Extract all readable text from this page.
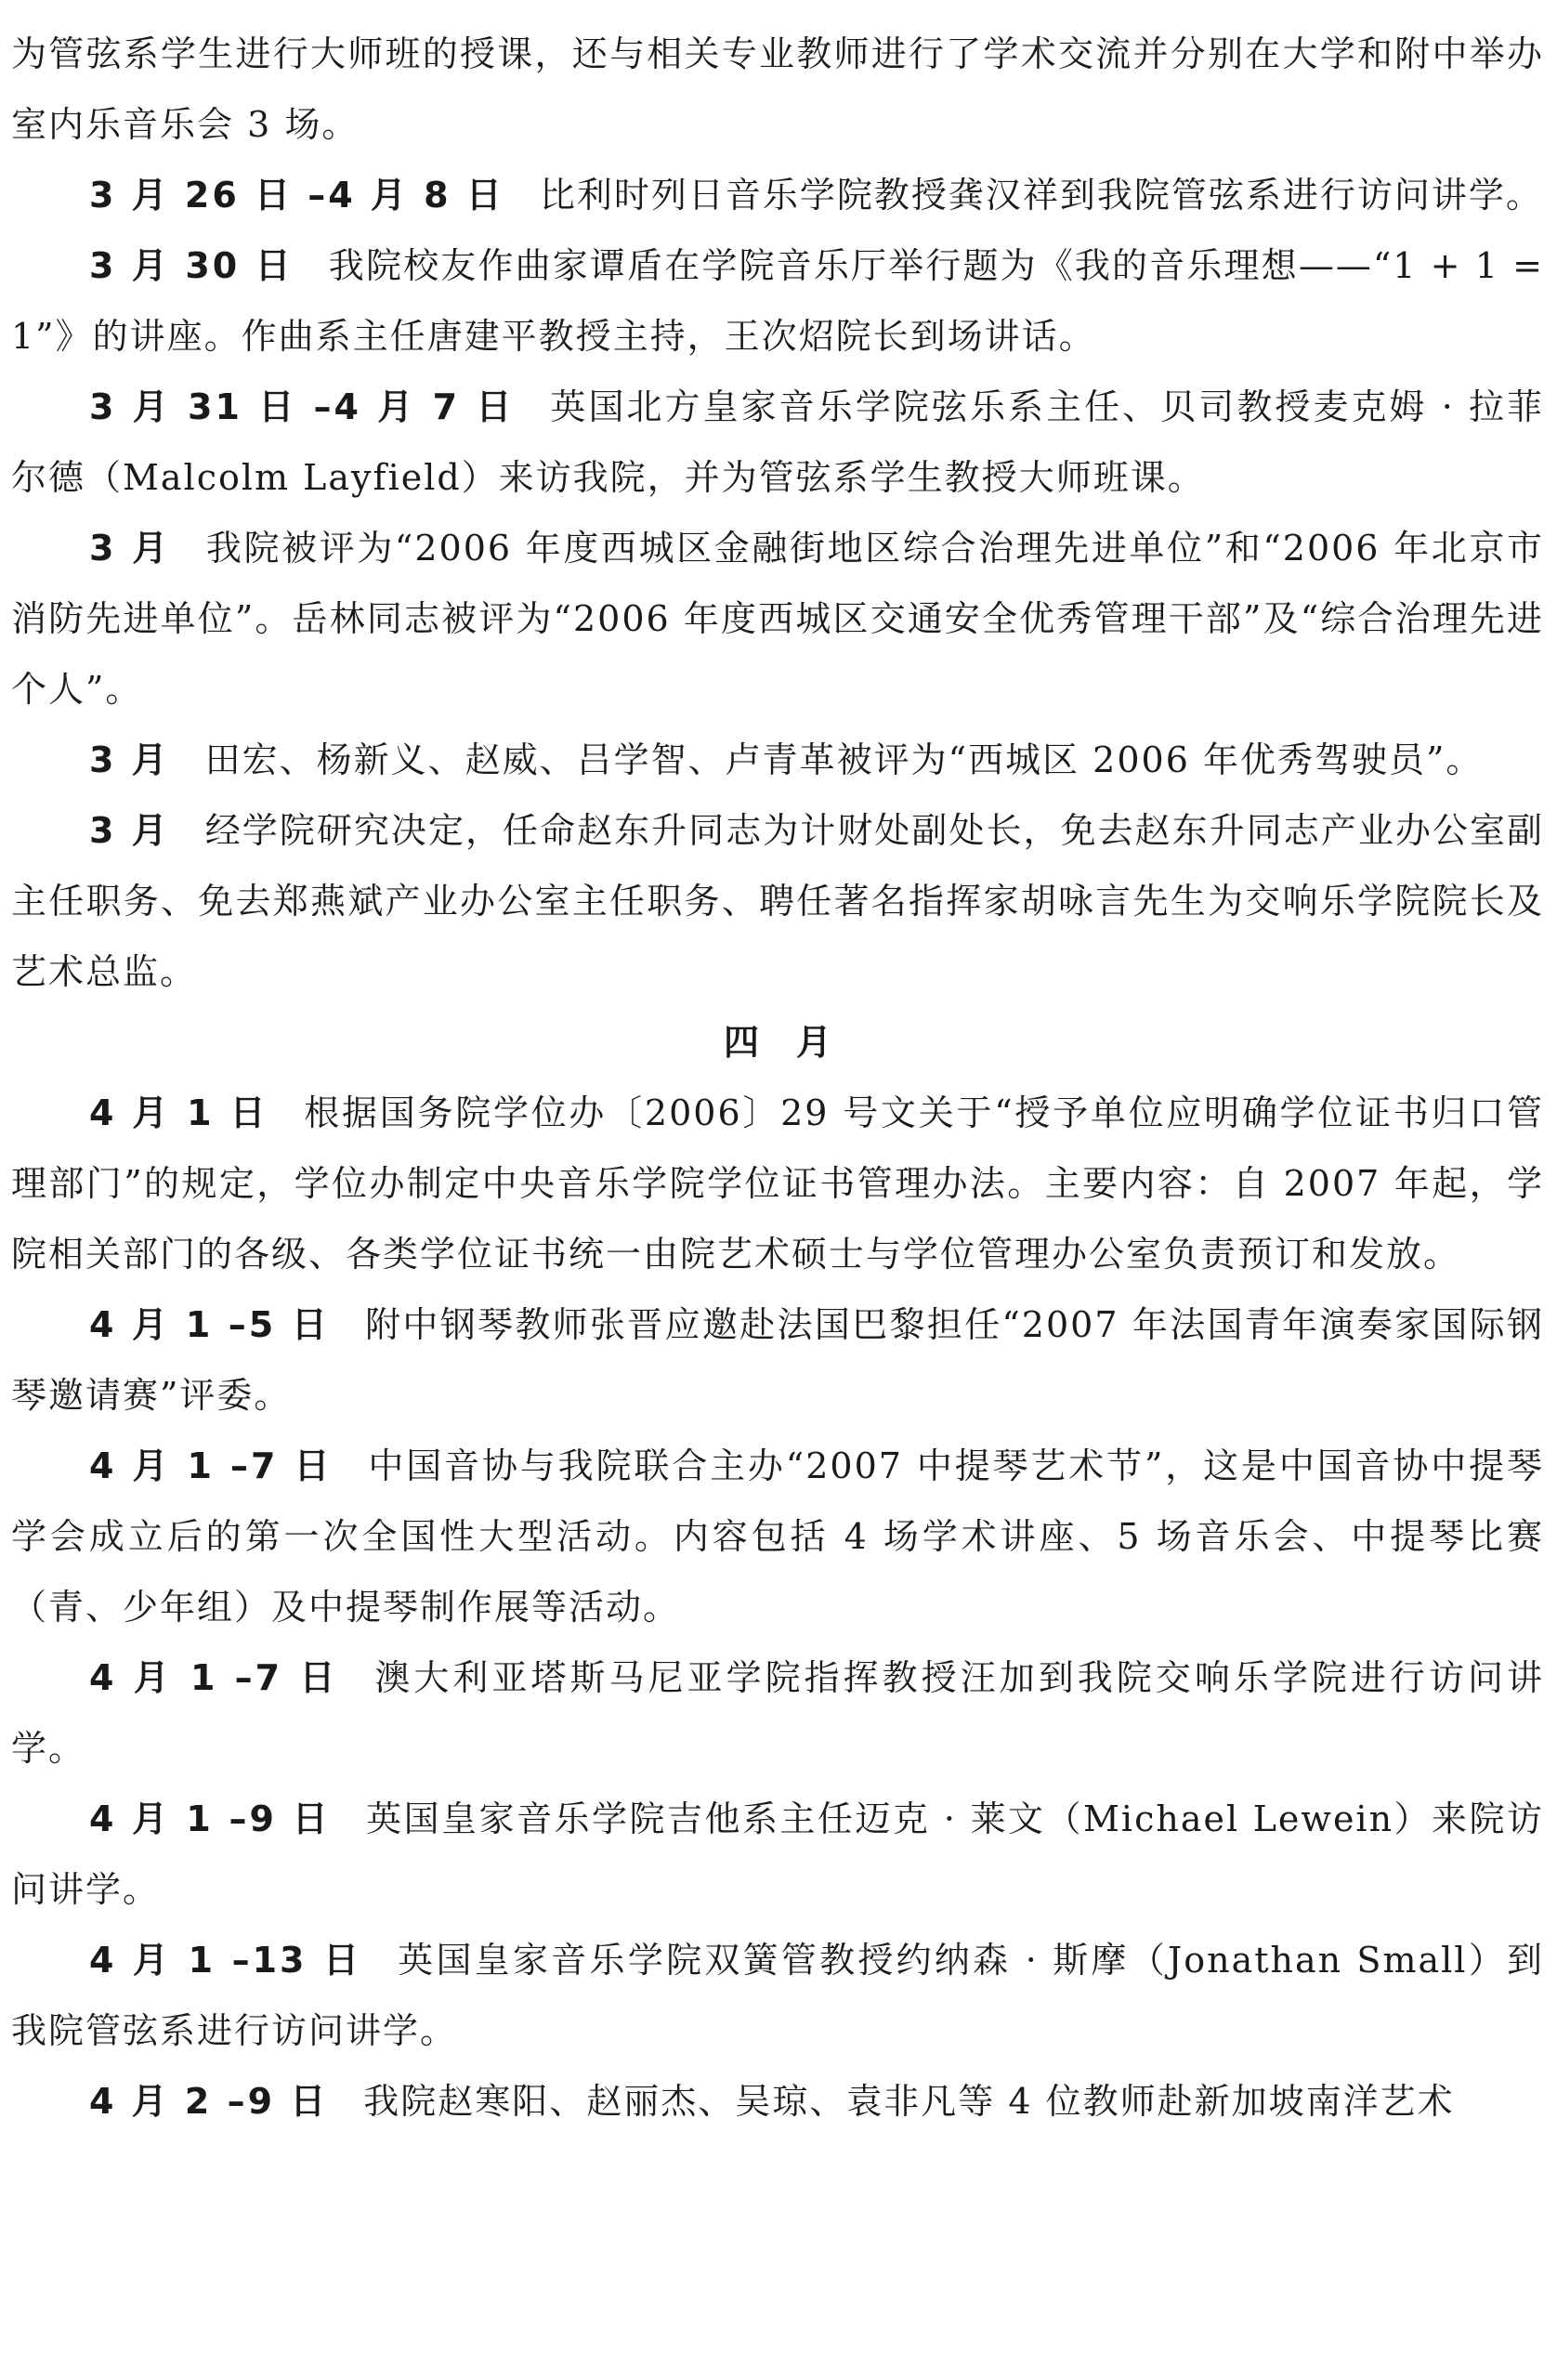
为管弦系学生进行大师班的授课，还与相关专业教师进行了学术交流并分别在大学和附中举办室内乐音乐会 3 场。

3 月 26 日 –4 月 8 日 比利时列日音乐学院教授龚汉祥到我院管弦系进行访问讲学。

3 月 30 日 我院校友作曲家谭盾在学院音乐厅举行题为《我的音乐理想——“1 + 1 = 1”》的讲座。作曲系主任唐建平教授主持，王次炤院长到场讲话。

3 月 31 日 –4 月 7 日 英国北方皇家音乐学院弦乐系主任、贝司教授麦克姆 · 拉菲尔德（Malcolm Layfield）来访我院，并为管弦系学生教授大师班课。

3 月 我院被评为“2006 年度西城区金融街地区综合治理先进单位”和“2006 年北京市消防先进单位”。岳林同志被评为“2006 年度西城区交通安全优秀管理干部”及“综合治理先进个人”。

3 月 田宏、杨新义、赵威、吕学智、卢青革被评为“西城区 2006 年优秀驾驶员”。

3 月 经学院研究决定，任命赵东升同志为计财处副处长，免去赵东升同志产业办公室副主任职务、免去郑燕斌产业办公室主任职务、聘任著名指挥家胡咏言先生为交响乐学院院长及艺术总监。

四月

4 月 1 日 根据国务院学位办〔2006〕29 号文关于“授予单位应明确学位证书归口管理部门”的规定，学位办制定中央音乐学院学位证书管理办法。主要内容：自 2007 年起，学院相关部门的各级、各类学位证书统一由院艺术硕士与学位管理办公室负责预订和发放。

4 月 1 –5 日 附中钢琴教师张晋应邀赴法国巴黎担任“2007 年法国青年演奏家国际钢琴邀请赛”评委。

4 月 1 –7 日 中国音协与我院联合主办“2007 中提琴艺术节”，这是中国音协中提琴学会成立后的第一次全国性大型活动。内容包括 4 场学术讲座、5 场音乐会、中提琴比赛（青、少年组）及中提琴制作展等活动。

4 月 1 –7 日 澳大利亚塔斯马尼亚学院指挥教授汪加到我院交响乐学院进行访问讲学。

4 月 1 –9 日 英国皇家音乐学院吉他系主任迈克 · 莱文（Michael Lewein）来院访问讲学。

4 月 1 –13 日 英国皇家音乐学院双簧管教授约纳森 · 斯摩（Jonathan Small）到我院管弦系进行访问讲学。

4 月 2 –9 日 我院赵寒阳、赵丽杰、吴琼、袁非凡等 4 位教师赴新加坡南洋艺术
